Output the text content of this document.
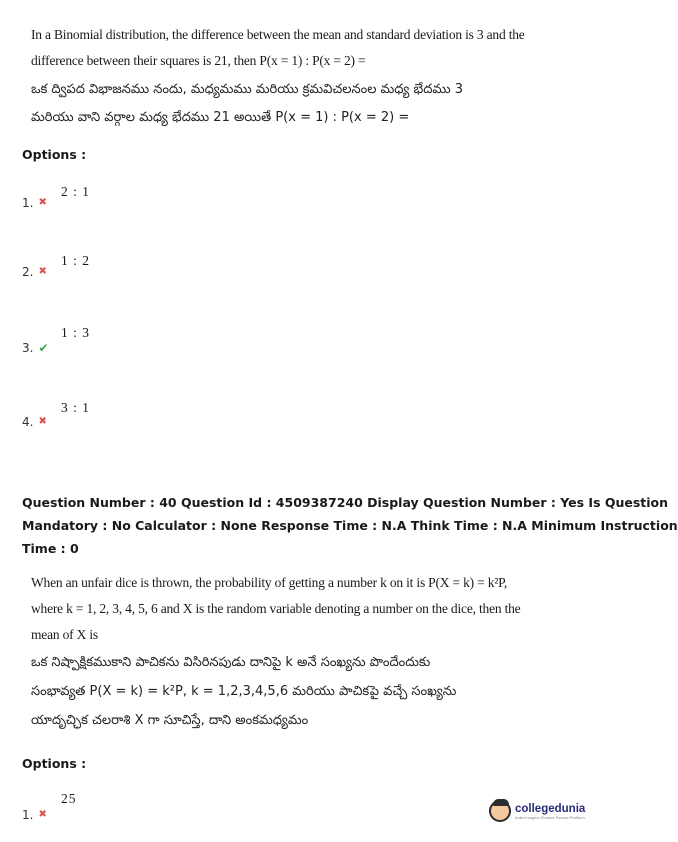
In a Binomial distribution, the difference between the mean and standard deviation is 3 and the
difference between their squares is 21, then P(x = 1) : P(x = 2) =
ఒక ద్విపద విభాజనము నందు, మధ్యమము మరియు క్రమవిచలనంల మధ్య భేదము 3
మరియు వాని వర్గాల మధ్య భేదము 21 అయితే P(x = 1) : P(x = 2) =
Options :
2 : 1
1. ✖
1 : 2
2. ✖
1 : 3
3. ✔
3 : 1
4. ✖
Question Number : 40 Question Id : 4509387240 Display Question Number : Yes Is Question
Mandatory : No Calculator : None Response Time : N.A Think Time : N.A Minimum Instruction
Time : 0
When an unfair dice is thrown, the probability of getting a number k on it is P(X = k) = k²P,
where k = 1, 2, 3, 4, 5, 6 and X is the random variable denoting a number on the dice, then the
mean of X is
ఒక నిష్పాక్షికముకాని పాచికను విసిరినపుడు దానిపై k అనే సంఖ్యను పొందేందుకు
సంభావ్యత P(X = k) = k²P, k = 1,2,3,4,5,6 మరియు పాచికపై వచ్చే సంఖ్యను
యాదృచ్ఛిక చలరాశి X గా సూచిస్తే, దాని అంకమధ్యమం
Options :
25
1. ✖	collegedunia
India's largest Student Review Platform
